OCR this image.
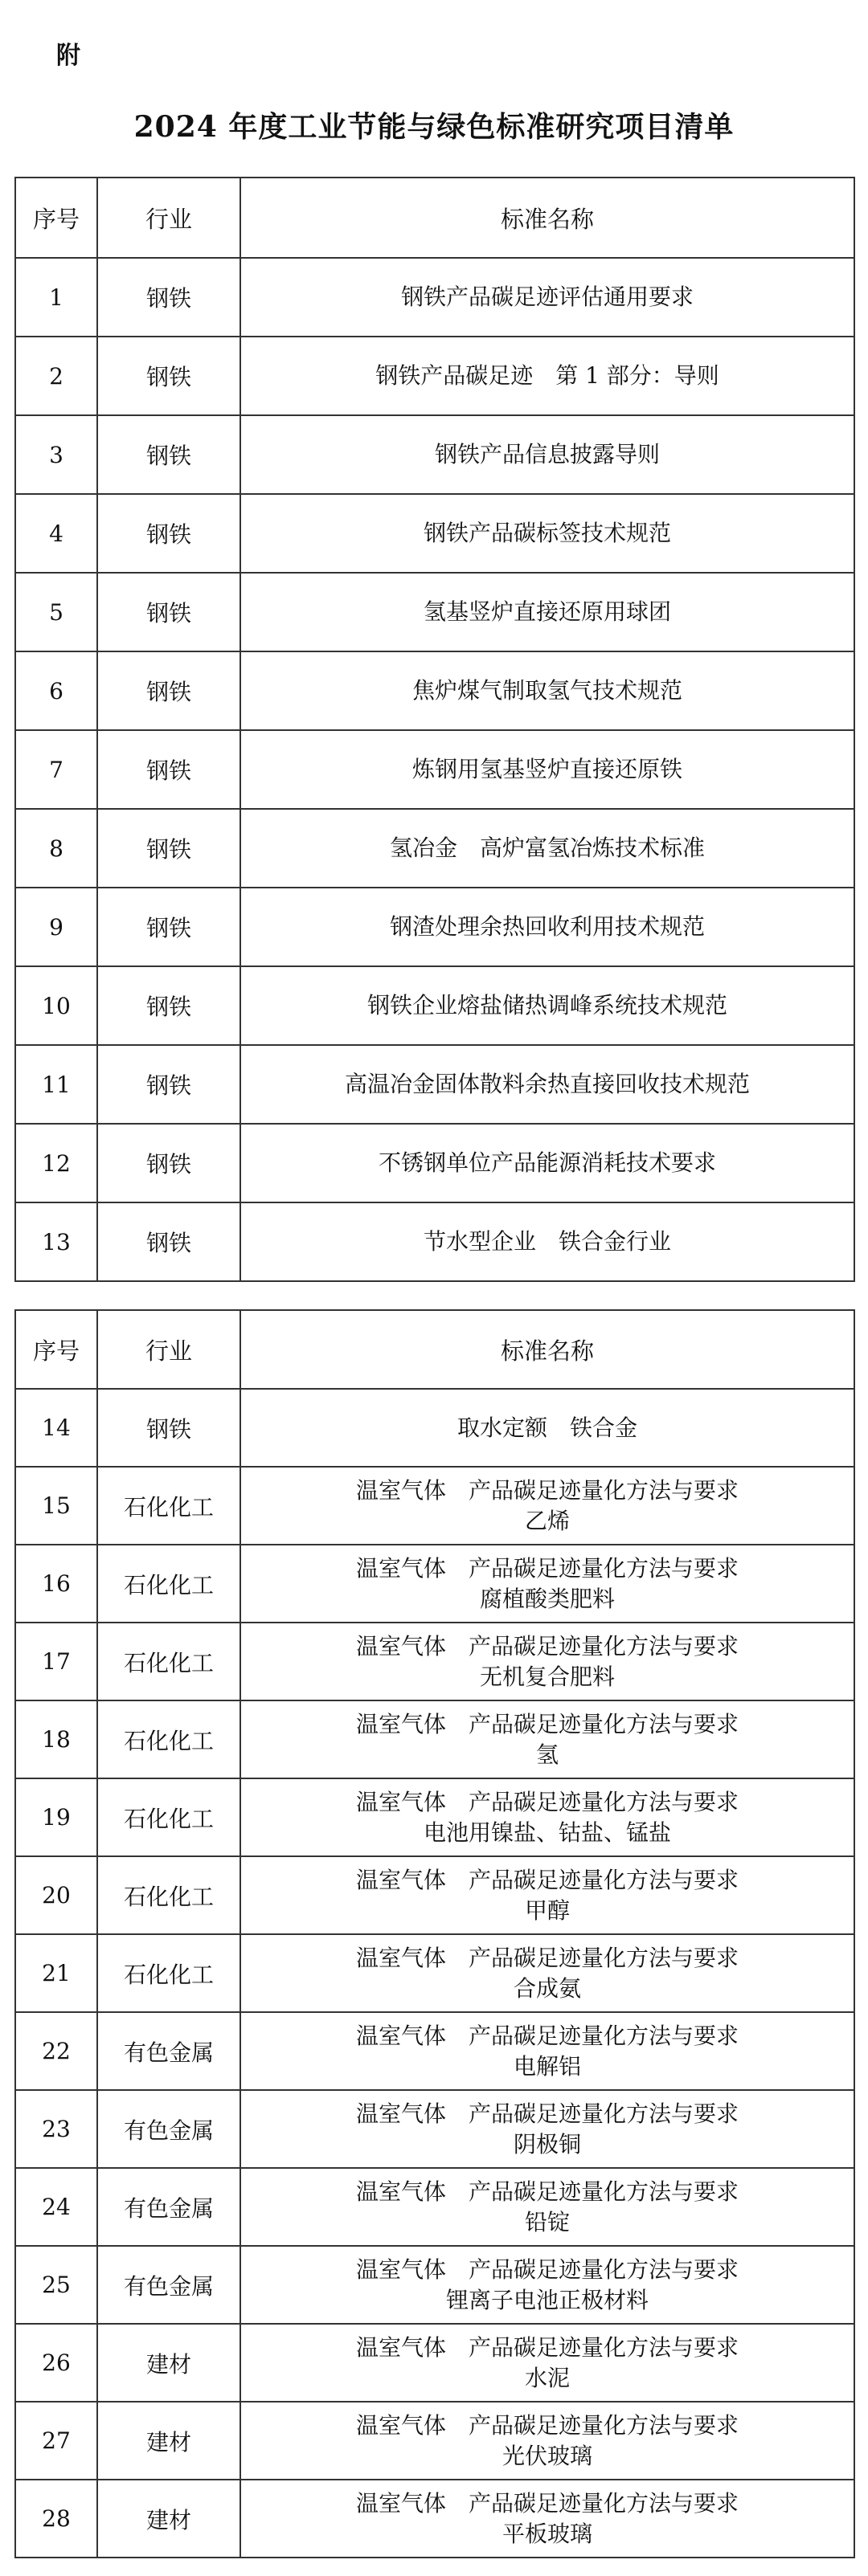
附
2024 年度工业节能与绿色标准研究项目清单
序号	行业	标准名称
1	钢铁	钢铁产品碳足迹评估通用要求

2	钢铁	钢铁产品碳足迹　第 1 部分：导则

3	钢铁	钢铁产品信息披露导则

4	钢铁	钢铁产品碳标签技术规范

5	钢铁	氢基竖炉直接还原用球团

6	钢铁	焦炉煤气制取氢气技术规范

7	钢铁	炼钢用氢基竖炉直接还原铁

8	钢铁	氢冶金　高炉富氢冶炼技术标准

9	钢铁	钢渣处理余热回收利用技术规范

10	钢铁	钢铁企业熔盐储热调峰系统技术规范

11	钢铁	高温冶金固体散料余热直接回收技术规范

12	钢铁	不锈钢单位产品能源消耗技术要求

13	钢铁	节水型企业　铁合金行业
序号	行业	标准名称
14	钢铁	取水定额　铁合金

15	石化化工	温室气体　产品碳足迹量化方法与要求
乙烯

16	石化化工	温室气体　产品碳足迹量化方法与要求
腐植酸类肥料

17	石化化工	温室气体　产品碳足迹量化方法与要求
无机复合肥料

18	石化化工	温室气体　产品碳足迹量化方法与要求
氢

19	石化化工	温室气体　产品碳足迹量化方法与要求
电池用镍盐、钴盐、锰盐

20	石化化工	温室气体　产品碳足迹量化方法与要求
甲醇

21	石化化工	温室气体　产品碳足迹量化方法与要求
合成氨

22	有色金属	温室气体　产品碳足迹量化方法与要求
电解铝

23	有色金属	温室气体　产品碳足迹量化方法与要求
阴极铜

24	有色金属	温室气体　产品碳足迹量化方法与要求
铅锭

25	有色金属	温室气体　产品碳足迹量化方法与要求
锂离子电池正极材料

26	建材	温室气体　产品碳足迹量化方法与要求
水泥

27	建材	温室气体　产品碳足迹量化方法与要求
光伏玻璃

28	建材	温室气体　产品碳足迹量化方法与要求
平板玻璃
